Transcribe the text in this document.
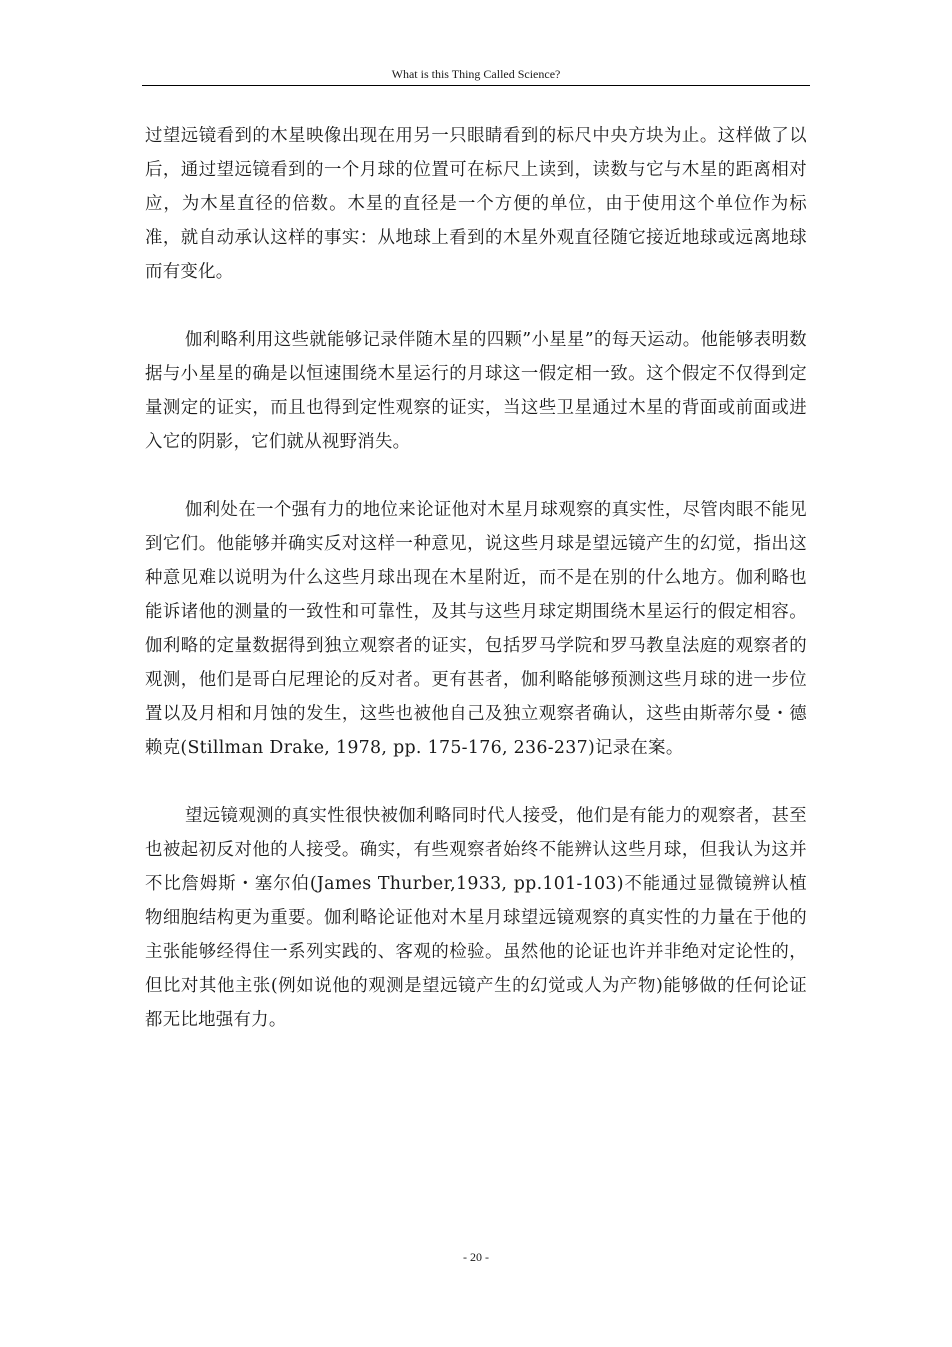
What is this Thing Called Science?

过望远镜看到的木星映像出现在用另一只眼睛看到的标尺中央方块为止。这样做了以后，通过望远镜看到的一个月球的位置可在标尺上读到，读数与它与木星的距离相对应，为木星直径的倍数。木星的直径是一个方便的单位，由于使用这个单位作为标准，就自动承认这样的事实：从地球上看到的木星外观直径随它接近地球或远离地球而有变化。

伽利略利用这些就能够记录伴随木星的四颗”小星星”的每天运动。他能够表明数据与小星星的确是以恒速围绕木星运行的月球这一假定相一致。这个假定不仅得到定量测定的证实，而且也得到定性观察的证实，当这些卫星通过木星的背面或前面或进入它的阴影，它们就从视野消失。

伽利处在一个强有力的地位来论证他对木星月球观察的真实性，尽管肉眼不能见到它们。他能够并确实反对这样一种意见，说这些月球是望远镜产生的幻觉，指出这种意见难以说明为什么这些月球出现在木星附近，而不是在别的什么地方。伽利略也能诉诸他的测量的一致性和可靠性，及其与这些月球定期围绕木星运行的假定相容。伽利略的定量数据得到独立观察者的证实，包括罗马学院和罗马教皇法庭的观察者的观测，他们是哥白尼理论的反对者。更有甚者，伽利略能够预测这些月球的进一步位置以及月相和月蚀的发生，这些也被他自己及独立观察者确认，这些由斯蒂尔曼・德赖克(Stillman Drake, 1978, pp. 175-176, 236-237)记录在案。

望远镜观测的真实性很快被伽利略同时代人接受，他们是有能力的观察者，甚至也被起初反对他的人接受。确实，有些观察者始终不能辨认这些月球，但我认为这并不比詹姆斯・塞尔伯(James Thurber,1933, pp.101-103)不能通过显微镜辨认植物细胞结构更为重要。伽利略论证他对木星月球望远镜观察的真实性的力量在于他的主张能够经得住一系列实践的、客观的检验。虽然他的论证也许并非绝对定论性的，但比对其他主张(例如说他的观测是望远镜产生的幻觉或人为产物)能够做的任何论证都无比地强有力。

- 20 -
